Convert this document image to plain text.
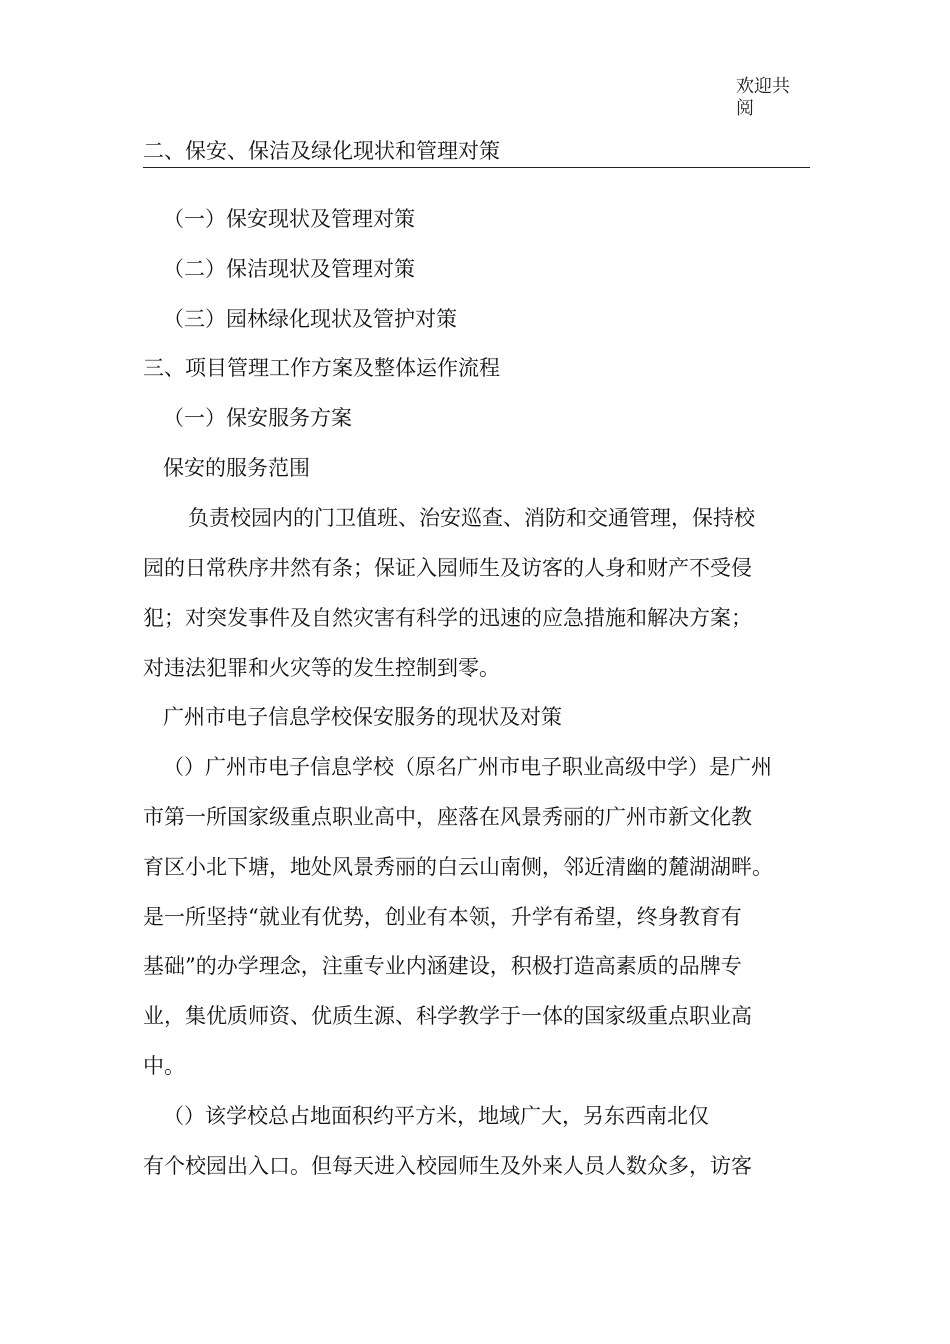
欢迎共
阅
二、保安、保洁及绿化现状和管理对策
（一）保安现状及管理对策
（二）保洁现状及管理对策
（三）园林绿化现状及管护对策
三、项目管理工作方案及整体运作流程
（一）保安服务方案
保安的服务范围
负责校园内的门卫值班、治安巡查、消防和交通管理，保持校
园的日常秩序井然有条；保证入园师生及访客的人身和财产不受侵
犯；对突发事件及自然灾害有科学的迅速的应急措施和解决方案；
对违法犯罪和火灾等的发生控制到零。
广州市电子信息学校保安服务的现状及对策
（）广州市电子信息学校（原名广州市电子职业高级中学）是广州
市第一所国家级重点职业高中，座落在风景秀丽的广州市新文化教
育区小北下塘，地处风景秀丽的白云山南侧，邻近清幽的麓湖湖畔。
是一所坚持“就业有优势，创业有本领，升学有希望，终身教育有
基础”的办学理念，注重专业内涵建设，积极打造高素质的品牌专
业，集优质师资、优质生源、科学教学于一体的国家级重点职业高
中。
（）该学校总占地面积约平方米，地域广大，另东西南北仅
有个校园出入口。但每天进入校园师生及外来人员人数众多，访客
